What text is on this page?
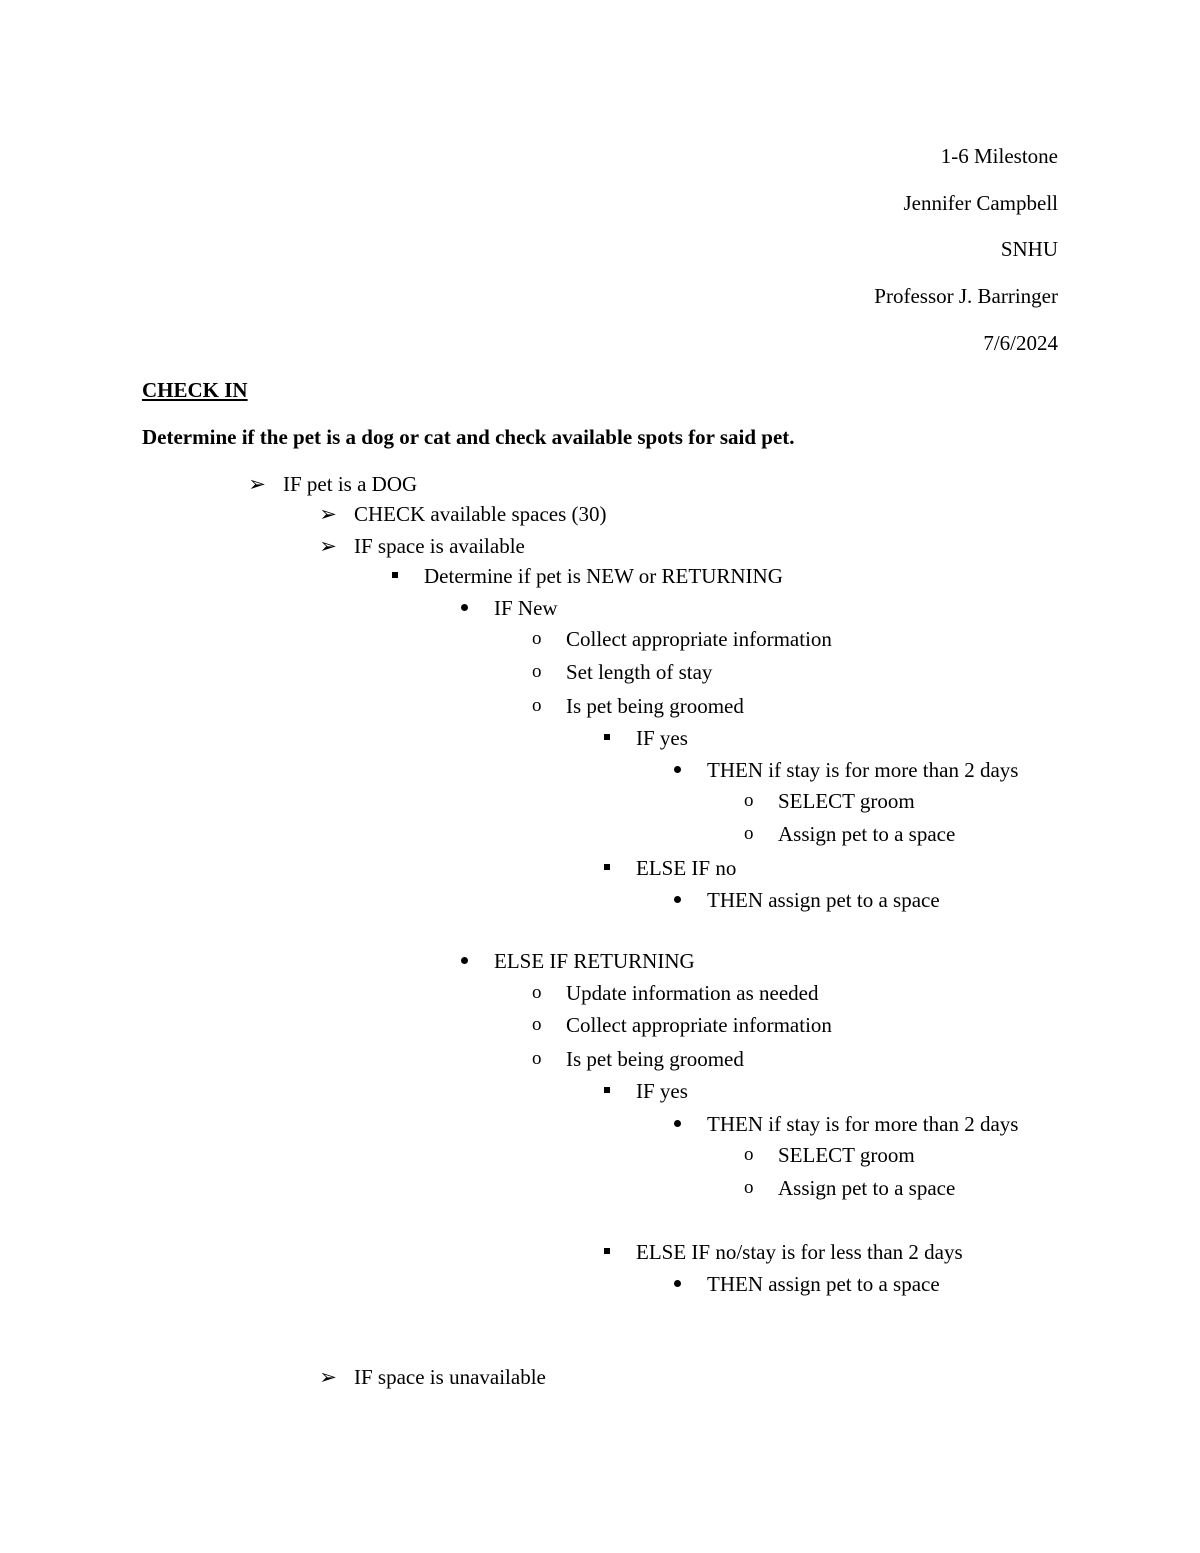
1-6 Milestone
Jennifer Campbell
SNHU
Professor J. Barringer
7/6/2024
CHECK IN
Determine if the pet is a dog or cat and check available spots for said pet.
➢ IF pet is a DOG
➢ CHECK available spaces (30)
➢ IF space is available
Determine if pet is NEW or RETURNING
IF New
o Collect appropriate information
o Set length of stay
o Is pet being groomed
IF yes
THEN if stay is for more than 2 days
o SELECT groom
o Assign pet to a space
ELSE IF no
THEN assign pet to a space
ELSE IF RETURNING
o Update information as needed
o Collect appropriate information
o Is pet being groomed
IF yes
THEN if stay is for more than 2 days
o SELECT groom
o Assign pet to a space
ELSE IF no/stay is for less than 2 days
THEN assign pet to a space
➢ IF space is unavailable
